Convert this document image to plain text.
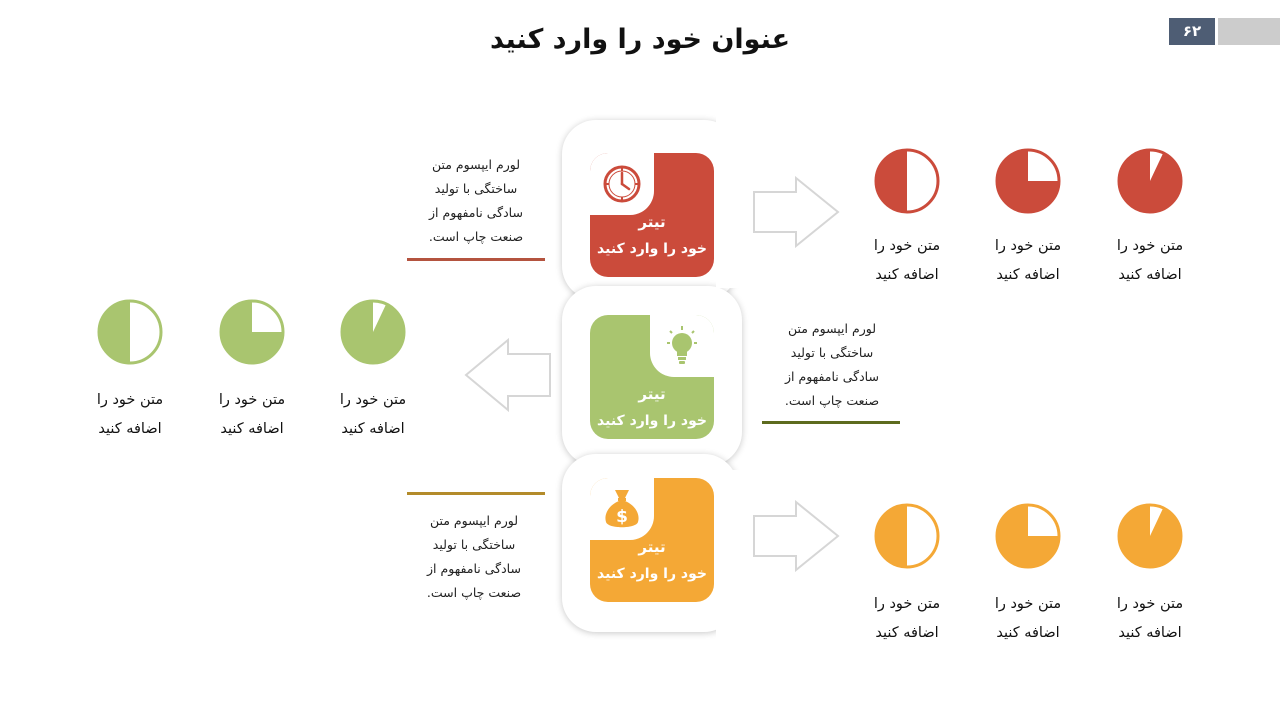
عنوان خود را وارد کنید	۶۲
تیتر
خود را وارد کنید
تیتر
خود را وارد کنید
$
تیتر
خود را وارد کنید
لورم ایپسوم متن
ساختگی با تولید
سادگی نامفهوم از
صنعت چاپ است.
لورم ایپسوم متن
ساختگی با تولید
سادگی نامفهوم از
صنعت چاپ است.
لورم ایپسوم متن
ساختگی با تولید
سادگی نامفهوم از
صنعت چاپ است.
متن خود را
اضافه کنید
متن خود را
اضافه کنید
متن خود را
اضافه کنید
متن خود را
اضافه کنید
متن خود را
اضافه کنید
متن خود را
اضافه کنید
متن خود را
اضافه کنید
متن خود را
اضافه کنید
متن خود را
اضافه کنید
